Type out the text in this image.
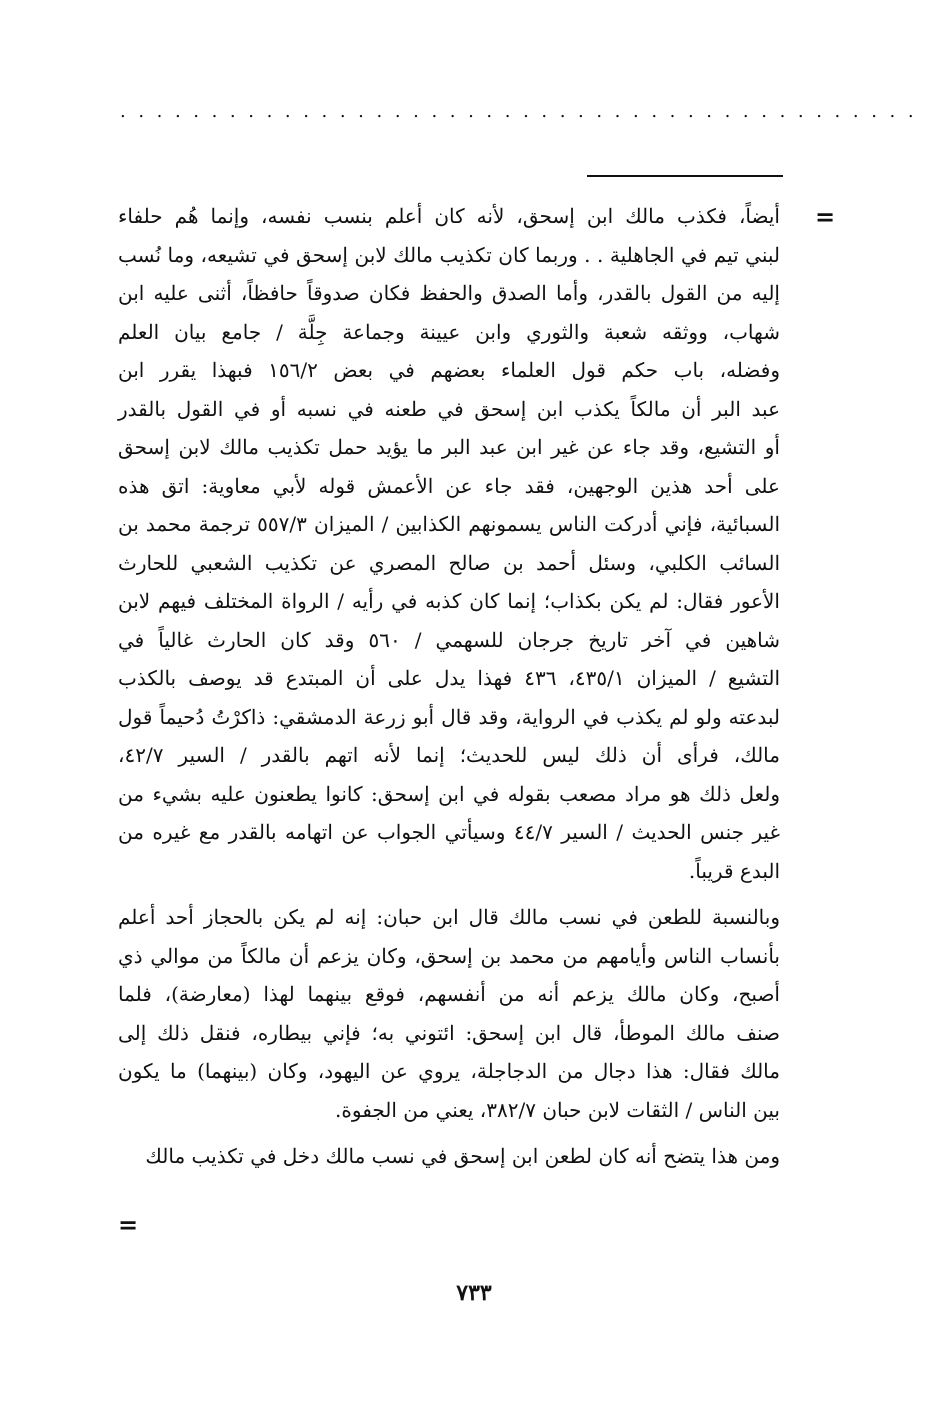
............................................
=
أيضاً، فكذب مالك ابن إسحق، لأنه كان أعلم بنسب نفسه، وإنما هُم حلفاء
لبني تيم في الجاهلية . . وربما كان تكذيب مالك لابن إسحق في تشيعه، وما نُسب
إليه من القول بالقدر، وأما الصدق والحفظ فكان صدوقاً حافظاً، أثنى عليه ابن
شهاب، ووثقه شعبة والثوري وابن عيينة وجماعة جِلَّة / جامع بيان العلم
وفضله، باب حكم قول العلماء بعضهم في بعض ١٥٦/٢ فبهذا يقرر ابن
عبد البر أن مالكاً يكذب ابن إسحق في طعنه في نسبه أو في القول بالقدر
أو التشيع، وقد جاء عن غير ابن عبد البر ما يؤيد حمل تكذيب مالك لابن إسحق
على أحد هذين الوجهين، فقد جاء عن الأعمش قوله لأبي معاوية: اتق هذه
السبائية، فإني أدركت الناس يسمونهم الكذابين / الميزان ٥٥٧/٣ ترجمة محمد بن
السائب الكلبي، وسئل أحمد بن صالح المصري عن تكذيب الشعبي للحارث
الأعور فقال: لم يكن بكذاب؛ إنما كان كذبه في رأيه / الرواة المختلف فيهم لابن
شاهين في آخر تاريخ جرجان للسهمي / ٥٦٠ وقد كان الحارث غالياً في
التشيع / الميزان ٤٣٥/١، ٤٣٦ فهذا يدل على أن المبتدع قد يوصف بالكذب
لبدعته ولو لم يكذب في الرواية، وقد قال أبو زرعة الدمشقي: ذاكرْتُ دُحيماً قول
مالك، فرأى أن ذلك ليس للحديث؛ إنما لأنه اتهم بالقدر / السير ٤٢/٧،
ولعل ذلك هو مراد مصعب بقوله في ابن إسحق: كانوا يطعنون عليه بشيء من
غير جنس الحديث / السير ٤٤/٧ وسيأتي الجواب عن اتهامه بالقدر مع غيره من
البدع قريباً.
وبالنسبة للطعن في نسب مالك قال ابن حبان: إنه لم يكن بالحجاز أحد أعلم
بأنساب الناس وأيامهم من محمد بن إسحق، وكان يزعم أن مالكاً من موالي ذي
أصبح، وكان مالك يزعم أنه من أنفسهم، فوقع بينهما لهذا (معارضة)، فلما
صنف مالك الموطأ، قال ابن إسحق: ائتوني به؛ فإني بيطاره، فنقل ذلك إلى
مالك فقال: هذا دجال من الدجاجلة، يروي عن اليهود، وكان (بينهما) ما يكون
بين الناس / الثقات لابن حبان ٣٨٢/٧، يعني من الجفوة.
ومن هذا يتضح أنه كان لطعن ابن إسحق في نسب مالك دخل في تكذيب مالك
=
٧٣٣
